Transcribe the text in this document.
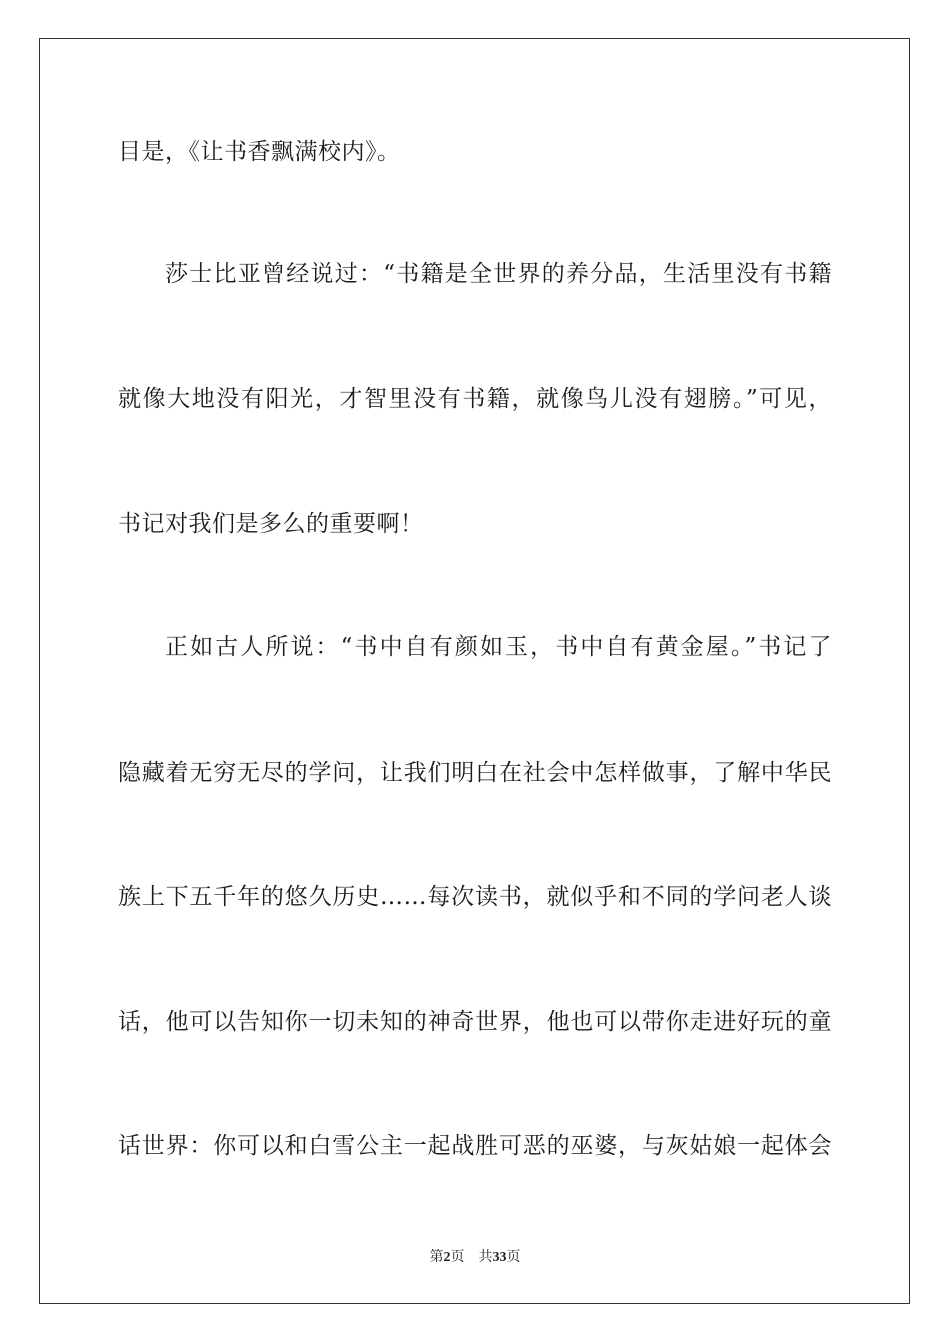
目是，《让书香飘满校内》。
莎士比亚曾经说过：“书籍是全世界的养分品，生活里没有书籍
就像大地没有阳光，才智里没有书籍，就像鸟儿没有翅膀。”可见，
书记对我们是多么的重要啊！
正如古人所说：“书中自有颜如玉，书中自有黄金屋。”书记了
隐藏着无穷无尽的学问，让我们明白在社会中怎样做事，了解中华民
族上下五千年的悠久历史……每次读书，就似乎和不同的学问老人谈
话，他可以告知你一切未知的神奇世界，他也可以带你走进好玩的童
话世界：你可以和白雪公主一起战胜可恶的巫婆，与灰姑娘一起体会
第2页 共33页
